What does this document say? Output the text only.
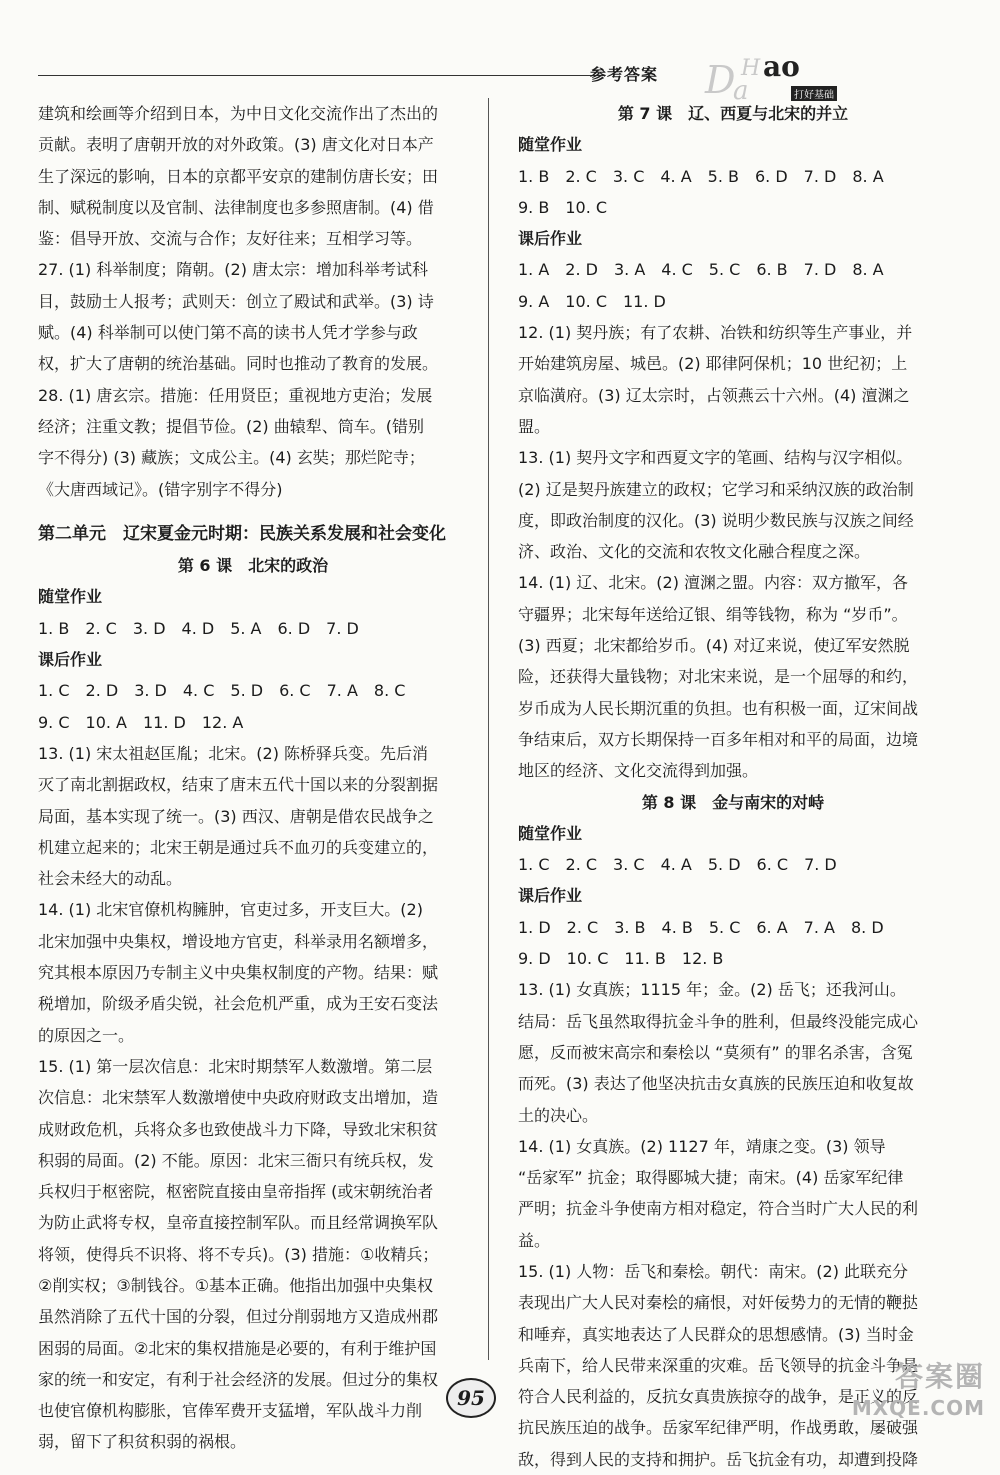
参考答案 D H ao
a	打好基础
建筑和绘画等介绍到日本，为中日文化交流作出了杰出的
贡献。表明了唐朝开放的对外政策。(3) 唐文化对日本产
生了深远的影响，日本的京都平安京的建制仿唐长安；田
制、赋税制度以及官制、法律制度也多参照唐制。(4) 借
鉴：倡导开放、交流与合作；友好往来；互相学习等。
27. (1) 科举制度；隋朝。(2) 唐太宗：增加科举考试科
目，鼓励士人报考；武则天：创立了殿试和武举。(3) 诗
赋。(4) 科举制可以使门第不高的读书人凭才学参与政
权，扩大了唐朝的统治基础。同时也推动了教育的发展。
28. (1) 唐玄宗。措施：任用贤臣；重视地方吏治；发展
经济；注重文教；提倡节俭。(2) 曲辕犁、筒车。(错别
字不得分) (3) 藏族；文成公主。(4) 玄奘；那烂陀寺；
《大唐西域记》。(错字别字不得分)
第二单元　辽宋夏金元时期：民族关系发展和社会变化
第 6 课　北宋的政治
随堂作业
1. B　2. C　3. D　4. D　5. A　6. D　7. D
课后作业
1. C　2. D　3. D　4. C　5. D　6. C　7. A　8. C
9. C　10. A　11. D　12. A
13. (1) 宋太祖赵匡胤；北宋。(2) 陈桥驿兵变。先后消
灭了南北割据政权，结束了唐末五代十国以来的分裂割据
局面，基本实现了统一。(3) 西汉、唐朝是借农民战争之
机建立起来的；北宋王朝是通过兵不血刃的兵变建立的，
社会未经大的动乱。
14. (1) 北宋官僚机构臃肿，官吏过多，开支巨大。(2)
北宋加强中央集权，增设地方官吏，科举录用名额增多，
究其根本原因乃专制主义中央集权制度的产物。结果：赋
税增加，阶级矛盾尖锐，社会危机严重，成为王安石变法
的原因之一。
15. (1) 第一层次信息：北宋时期禁军人数激增。第二层
次信息：北宋禁军人数激增使中央政府财政支出增加，造
成财政危机，兵将众多也致使战斗力下降，导致北宋积贫
积弱的局面。(2) 不能。原因：北宋三衙只有统兵权，发
兵权归于枢密院，枢密院直接由皇帝指挥 (或宋朝统治者
为防止武将专权，皇帝直接控制军队。而且经常调换军队
将领，使得兵不识将、将不专兵)。(3) 措施：①收精兵；
②削实权；③制钱谷。①基本正确。他指出加强中央集权
虽然消除了五代十国的分裂，但过分削弱地方又造成州郡
困弱的局面。②北宋的集权措施是必要的，有利于维护国
家的统一和安定，有利于社会经济的发展。但过分的集权
也使官僚机构膨胀，官俸军费开支猛增，军队战斗力削
弱，留下了积贫积弱的祸根。
第 7 课　辽、西夏与北宋的并立
随堂作业
1. B　2. C　3. C　4. A　5. B　6. D　7. D　8. A
9. B　10. C
课后作业
1. A　2. D　3. A　4. C　5. C　6. B　7. D　8. A
9. A　10. C　11. D
12. (1) 契丹族；有了农耕、冶铁和纺织等生产事业，并
开始建筑房屋、城邑。(2) 耶律阿保机；10 世纪初；上
京临潢府。(3) 辽太宗时，占领燕云十六州。(4) 澶渊之
盟。
13. (1) 契丹文字和西夏文字的笔画、结构与汉字相似。
(2) 辽是契丹族建立的政权；它学习和采纳汉族的政治制
度，即政治制度的汉化。(3) 说明少数民族与汉族之间经
济、政治、文化的交流和农牧文化融合程度之深。
14. (1) 辽、北宋。(2) 澶渊之盟。内容：双方撤军，各
守疆界；北宋每年送给辽银、绢等钱物，称为 “岁币”。
(3) 西夏；北宋都给岁币。(4) 对辽来说，使辽军安然脱
险，还获得大量钱物；对北宋来说，是一个屈辱的和约，
岁币成为人民长期沉重的负担。也有积极一面，辽宋间战
争结束后，双方长期保持一百多年相对和平的局面，边境
地区的经济、文化交流得到加强。
第 8 课　金与南宋的对峙
随堂作业
1. C　2. C　3. C　4. A　5. D　6. C　7. D
课后作业
1. D　2. C　3. B　4. B　5. C　6. A　7. A　8. D
9. D　10. C　11. B　12. B
13. (1) 女真族；1115 年；金。(2) 岳飞；还我河山。
结局：岳飞虽然取得抗金斗争的胜利，但最终没能完成心
愿，反而被宋高宗和秦桧以 “莫须有” 的罪名杀害，含冤
而死。(3) 表达了他坚决抗击女真族的民族压迫和收复故
土的决心。
14. (1) 女真族。(2) 1127 年，靖康之变。(3) 领导
“岳家军” 抗金；取得郾城大捷；南宋。(4) 岳家军纪律
严明；抗金斗争使南方相对稳定，符合当时广大人民的利
益。
15. (1) 人物：岳飞和秦桧。朝代：南宋。(2) 此联充分
表现出广大人民对秦桧的痛恨，对奸佞势力的无情的鞭挞
和唾弃，真实地表达了人民群众的思想感情。(3) 当时金
兵南下，给人民带来深重的灾难。岳飞领导的抗金斗争是
符合人民利益的，反抗女真贵族掠夺的战争，是正义的反
抗民族压迫的战争。岳家军纪律严明，作战勇敢，屡破强
敌，得到人民的支持和拥护。岳飞抗金有功，却遭到投降
95
答案圈
MXQE.COM
